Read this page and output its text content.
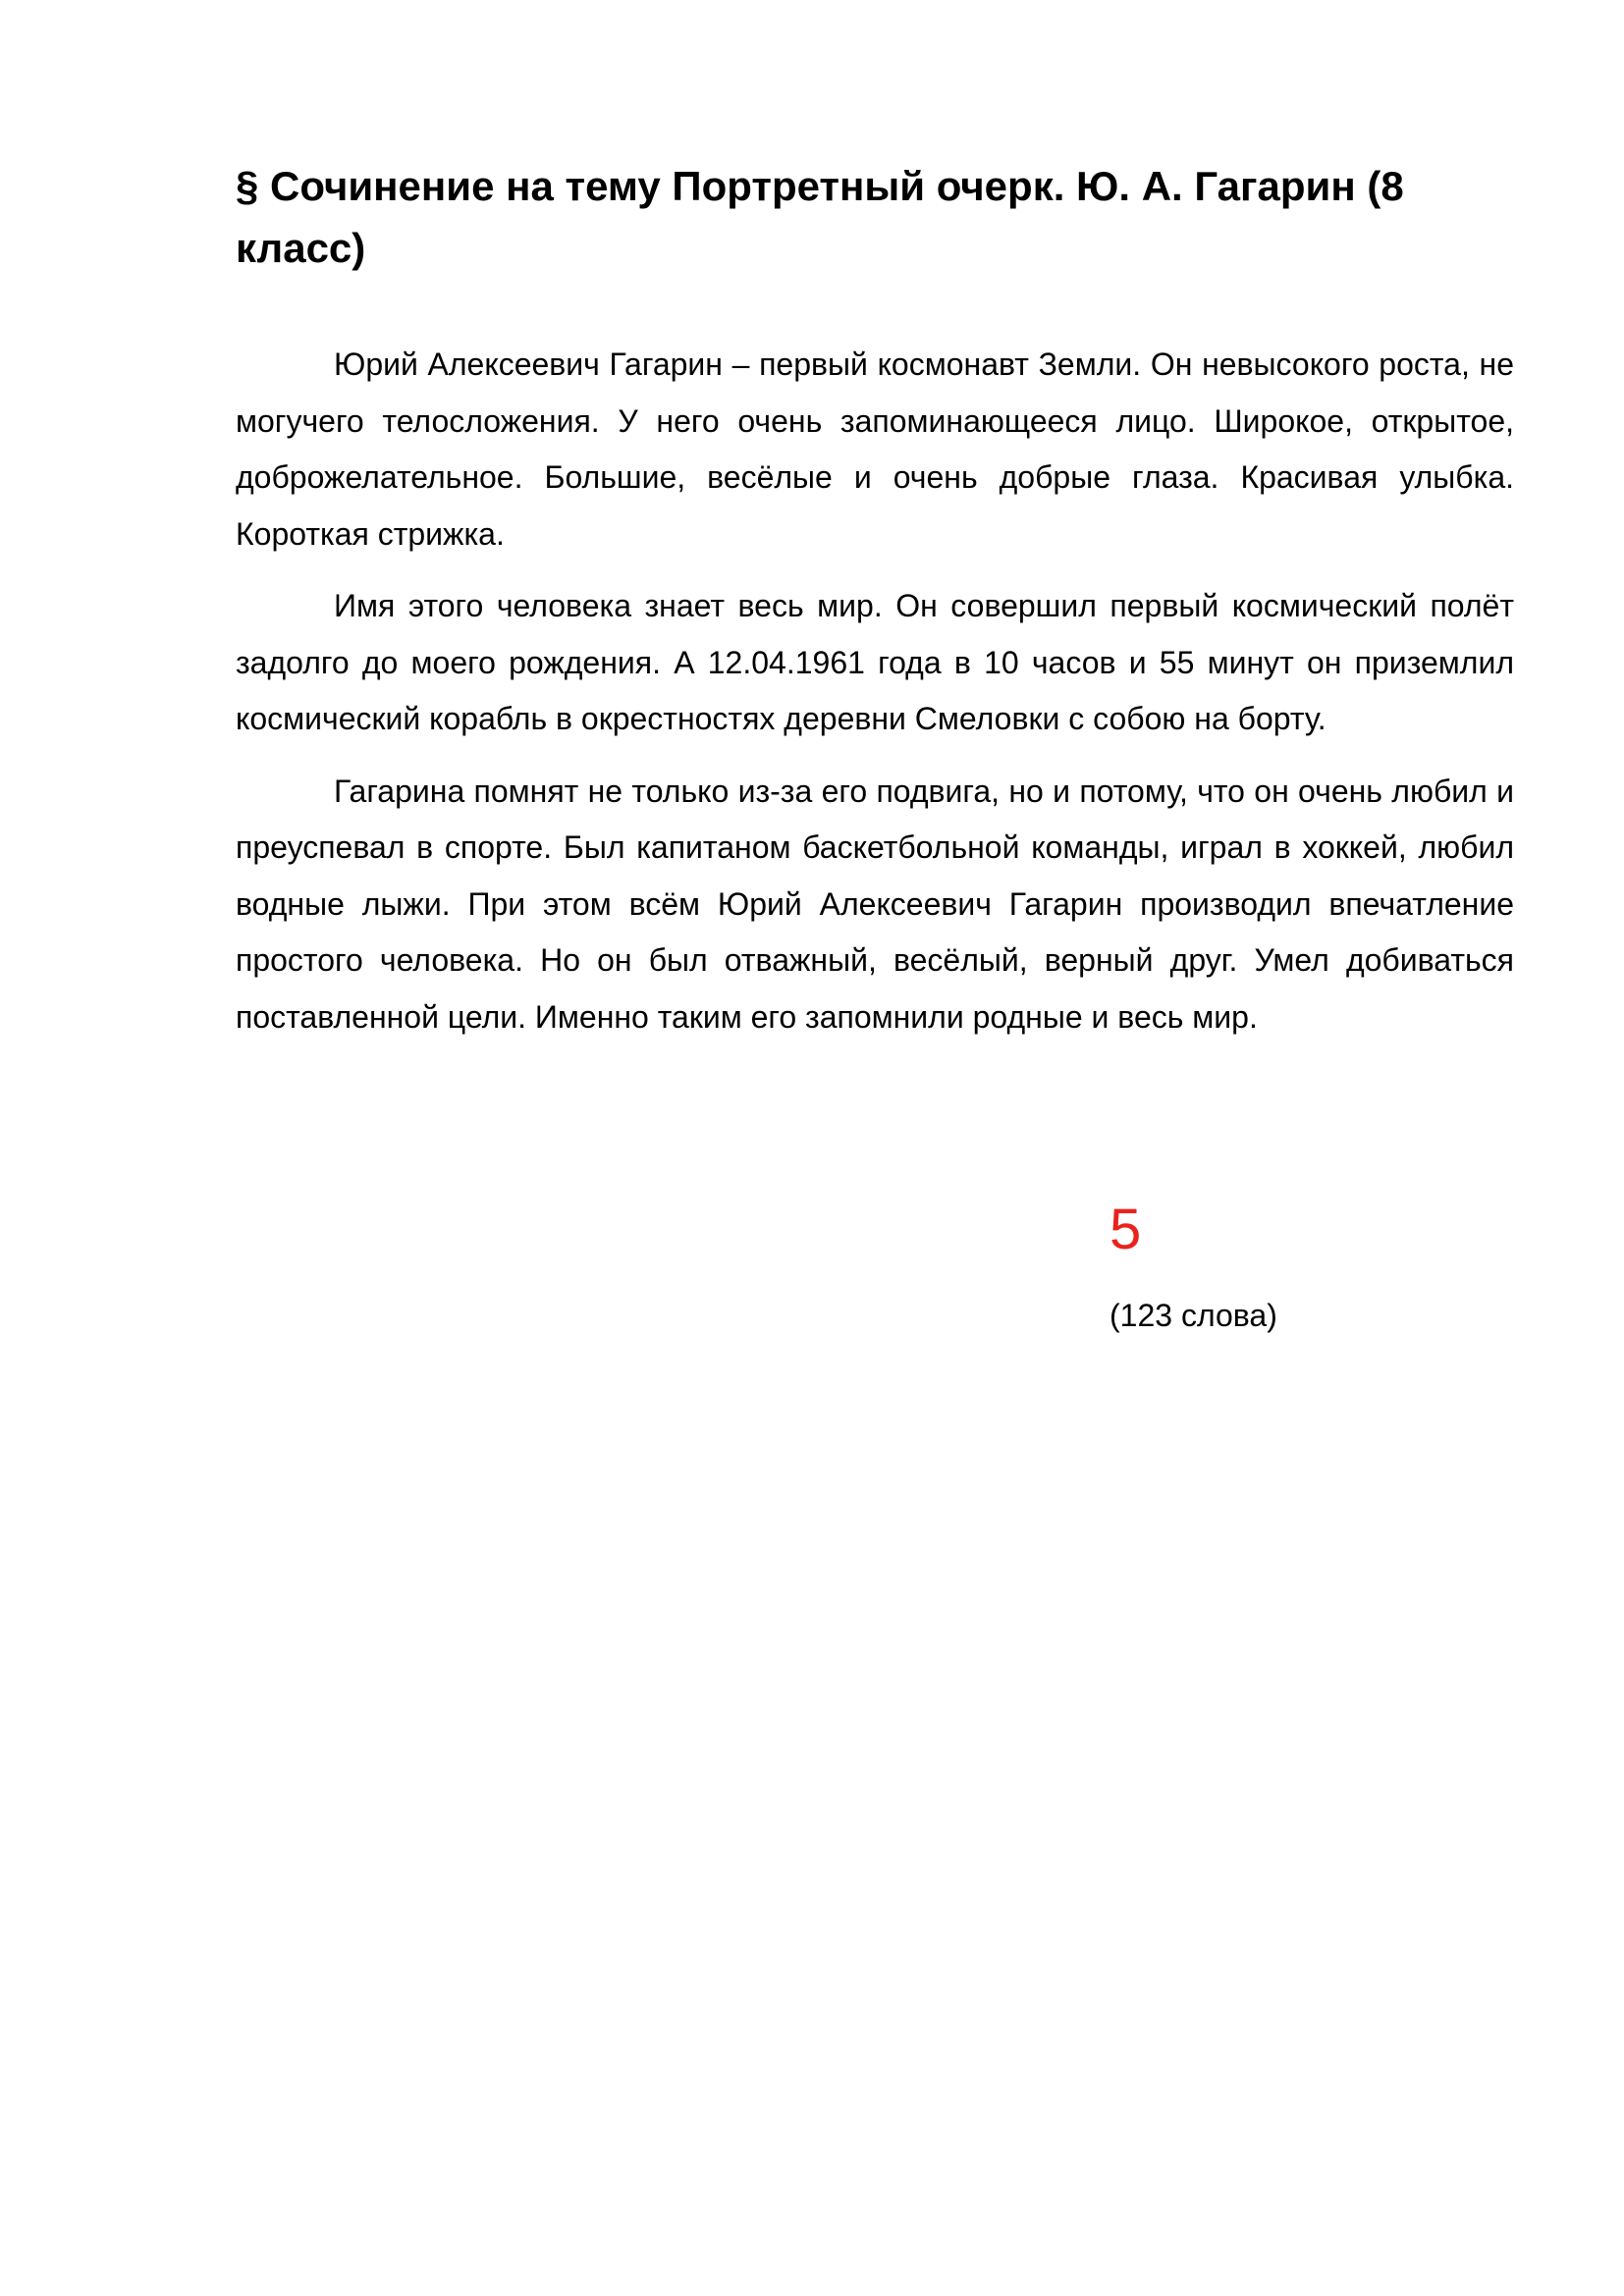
§ Сочинение на тему Портретный очерк. Ю. А. Гагарин (8 класс)

Юрий Алексеевич Гагарин – первый космонавт Земли. Он невысокого роста, не могучего телосложения. У него очень запоминающееся лицо. Широкое, открытое, доброжелательное. Большие, весёлые и очень добрые глаза. Красивая улыбка. Короткая стрижка.

Имя этого человека знает весь мир. Он совершил первый космический полёт задолго до моего рождения. А 12.04.1961 года в 10 часов и 55 минут он приземлил космический корабль в окрестностях деревни Смеловки с собою на борту.

Гагарина помнят не только из-за его подвига, но и потому, что он очень любил и преуспевал в спорте. Был капитаном баскетбольной команды, играл в хоккей, любил водные лыжи. При этом всём Юрий Алексеевич Гагарин производил впечатление простого человека. Но он был отважный, весёлый, верный друг. Умел добиваться поставленной цели. Именно таким его запомнили родные и весь мир.

5
(123 слова)
